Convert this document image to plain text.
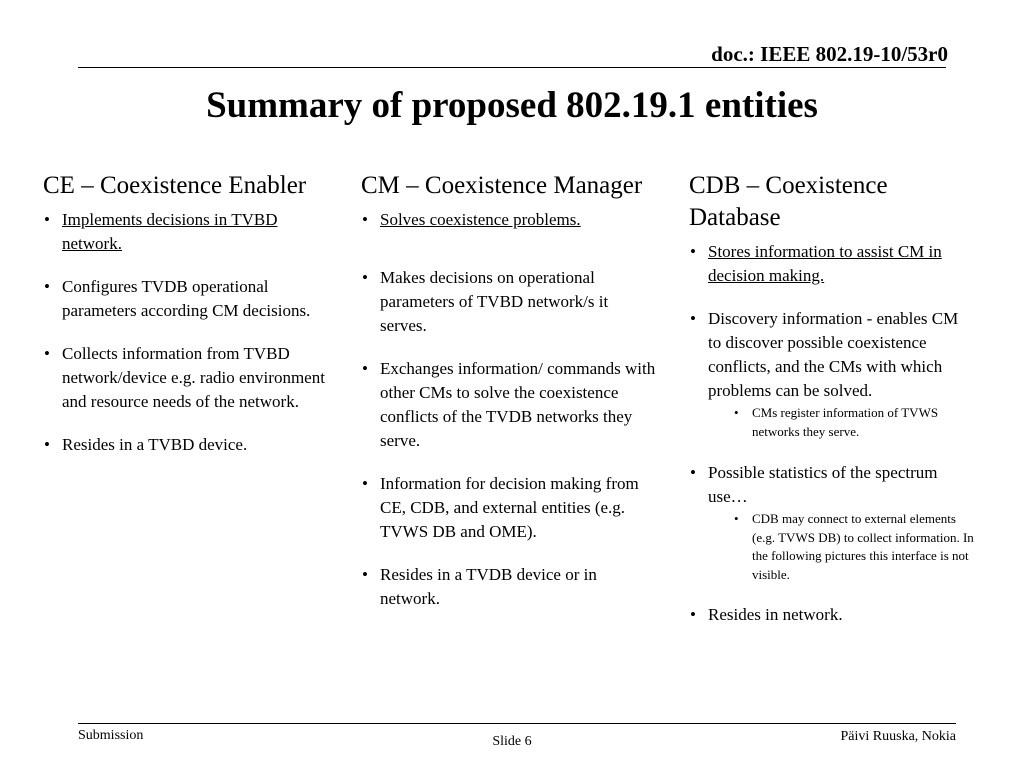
doc.: IEEE 802.19-10/53r0
Summary of proposed 802.19.1 entities
CE – Coexistence Enabler
• Implements decisions in TVBD network.
• Configures TVDB operational parameters according CM decisions.
• Collects information from TVBD network/device e.g. radio environment and resource needs of the network.
• Resides in a TVBD device.
CM – Coexistence Manager
• Solves coexistence problems.
• Makes decisions on operational parameters of TVBD network/s it serves.
• Exchanges information/ commands with other CMs to solve the coexistence conflicts of the TVDB networks they serve.
• Information for decision making from CE, CDB, and external entities (e.g. TVWS DB and OME).
• Resides in a TVDB device or in network.
CDB – Coexistence Database
• Stores information to assist CM in decision making.
• Discovery information - enables CM to discover possible coexistence conflicts, and the CMs with which problems can be solved.
• CMs register information of TVWS networks they serve.
• Possible statistics of the spectrum use…
• CDB may connect to external elements (e.g. TVWS DB) to collect information. In the following pictures this interface is not visible.
• Resides in network.
Submission	Slide 6	Päivi Ruuska, Nokia
